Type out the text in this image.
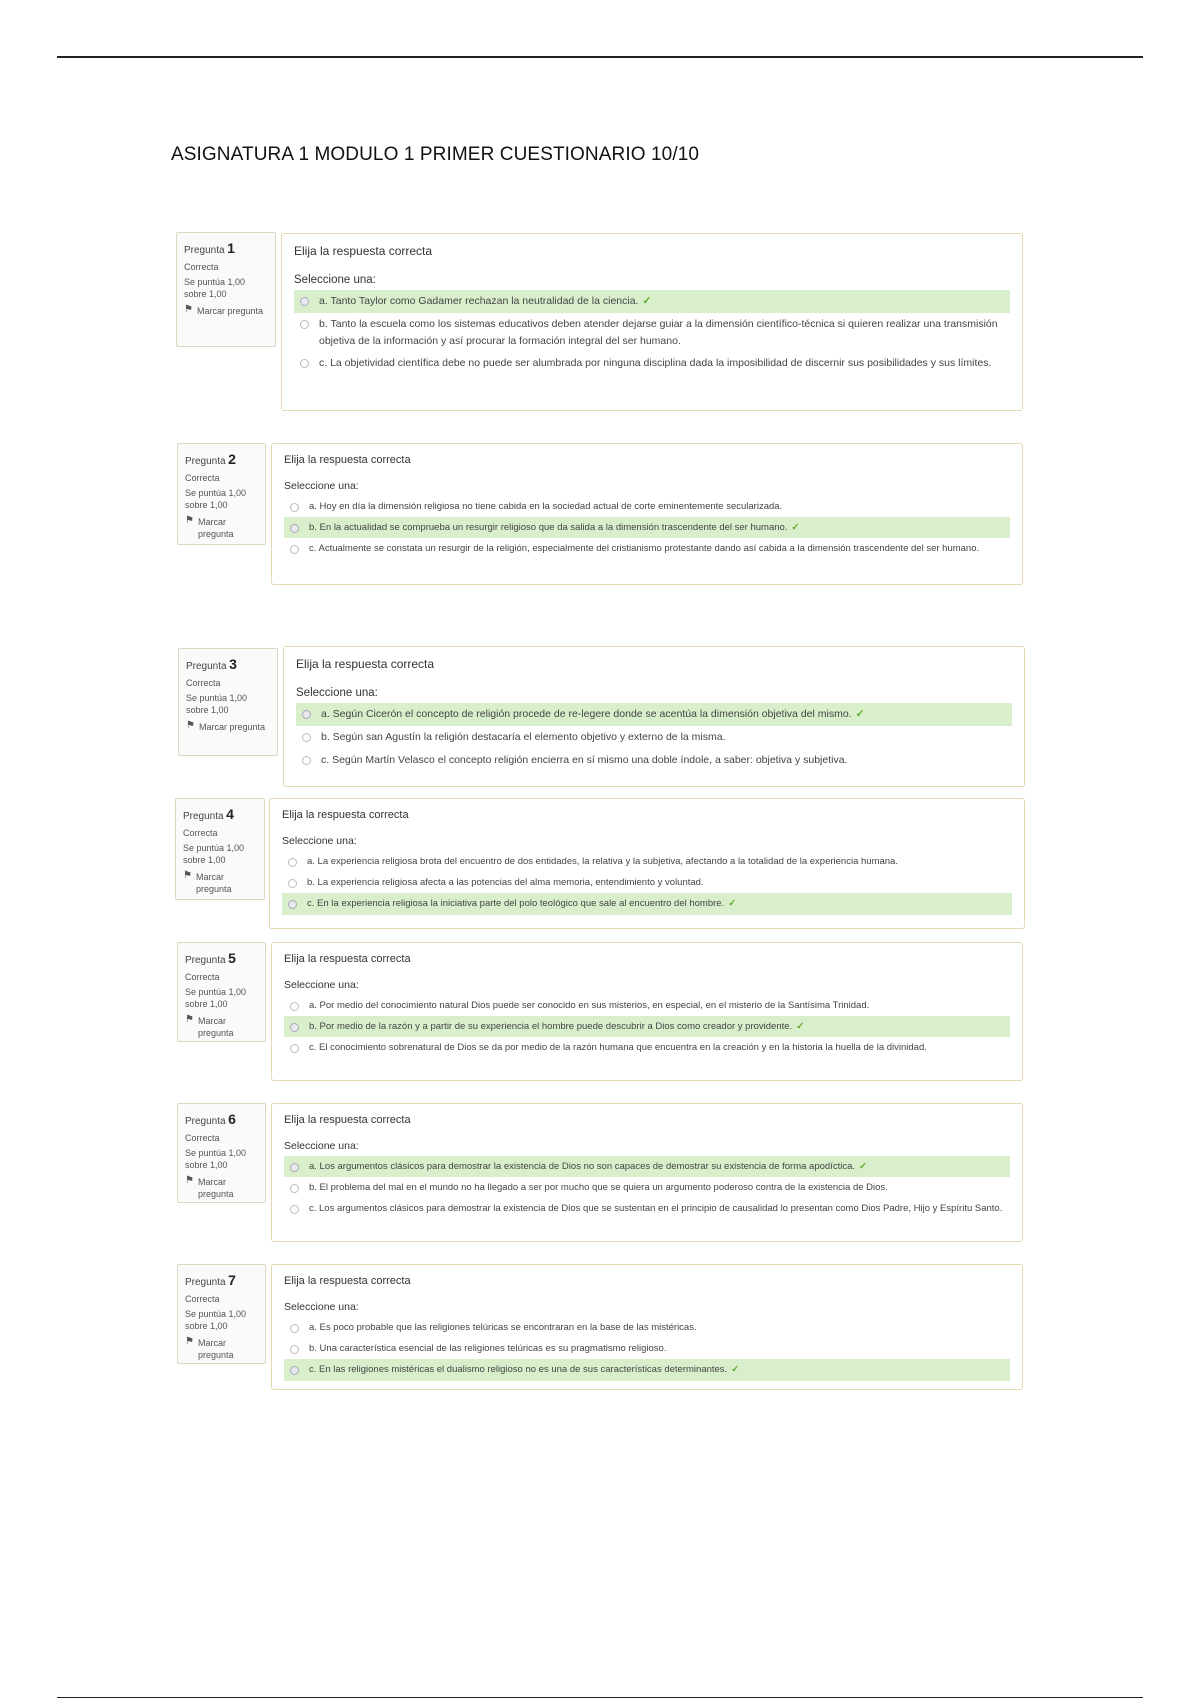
ASIGNATURA 1 MODULO 1 PRIMER CUESTIONARIO 10/10
Pregunta 1
Correcta
Se puntúa 1,00
sobre 1,00
⚑ Marcar pregunta
Elija la respuesta correcta
Seleccione una:
a. Tanto Taylor como Gadamer rechazan la neutralidad de la ciencia. ✓
b. Tanto la escuela como los sistemas educativos deben atender dejarse guiar a la dimensión científico-técnica si quieren realizar una transmisión objetiva de la información y así procurar la formación integral del ser humano.
c. La objetividad científica debe no puede ser alumbrada por ninguna disciplina dada la imposibilidad de discernir sus posibilidades y sus límites.
Pregunta 2
Correcta
Se puntúa 1,00
sobre 1,00
⚑ Marcar pregunta
Elija la respuesta correcta
Seleccione una:
a. Hoy en día la dimensión religiosa no tiene cabida en la sociedad actual de corte eminentemente secularizada.
b. En la actualidad se comprueba un resurgir religioso que da salida a la dimensión trascendente del ser humano. ✓
c. Actualmente se constata un resurgir de la religión, especialmente del cristianismo protestante dando así cabida a la dimensión trascendente del ser humano.
Pregunta 3
Correcta
Se puntúa 1,00
sobre 1,00
⚑ Marcar pregunta
Elija la respuesta correcta
Seleccione una:
a. Según Cicerón el concepto de religión procede de re-legere donde se acentúa la dimensión objetiva del mismo. ✓
b. Según san Agustín la religión destacaría el elemento objetivo y externo de la misma.
c. Según Martín Velasco el concepto religión encierra en sí mismo una doble índole, a saber: objetiva y subjetiva.
Pregunta 4
Correcta
Se puntúa 1,00
sobre 1,00
⚑ Marcar pregunta
Elija la respuesta correcta
Seleccione una:
a. La experiencia religiosa brota del encuentro de dos entidades, la relativa y la subjetiva, afectando a la totalidad de la experiencia humana.
b. La experiencia religiosa afecta a las potencias del alma memoria, entendimiento y voluntad.
c. En la experiencia religiosa la iniciativa parte del polo teológico que sale al encuentro del hombre. ✓
Pregunta 5
Correcta
Se puntúa 1,00
sobre 1,00
⚑ Marcar pregunta
Elija la respuesta correcta
Seleccione una:
a. Por medio del conocimiento natural Dios puede ser conocido en sus misterios, en especial, en el misterio de la Santísima Trinidad.
b. Por medio de la razón y a partir de su experiencia el hombre puede descubrir a Dios como creador y providente. ✓
c. El conocimiento sobrenatural de Dios se da por medio de la razón humana que encuentra en la creación y en la historia la huella de la divinidad.
Pregunta 6
Correcta
Se puntúa 1,00
sobre 1,00
⚑ Marcar pregunta
Elija la respuesta correcta
Seleccione una:
a. Los argumentos clásicos para demostrar la existencia de Dios no son capaces de demostrar su existencia de forma apodíctica. ✓
b. El problema del mal en el mundo no ha llegado a ser por mucho que se quiera un argumento poderoso contra de la existencia de Dios.
c. Los argumentos clásicos para demostrar la existencia de Dios que se sustentan en el principio de causalidad lo presentan como Dios Padre, Hijo y Espíritu Santo.
Pregunta 7
Correcta
Se puntúa 1,00
sobre 1,00
⚑ Marcar pregunta
Elija la respuesta correcta
Seleccione una:
a. Es poco probable que las religiones telúricas se encontraran en la base de las mistéricas.
b. Una característica esencial de las religiones telúricas es su pragmatismo religioso.
c. En las religiones mistéricas el dualismo religioso no es una de sus características determinantes. ✓
